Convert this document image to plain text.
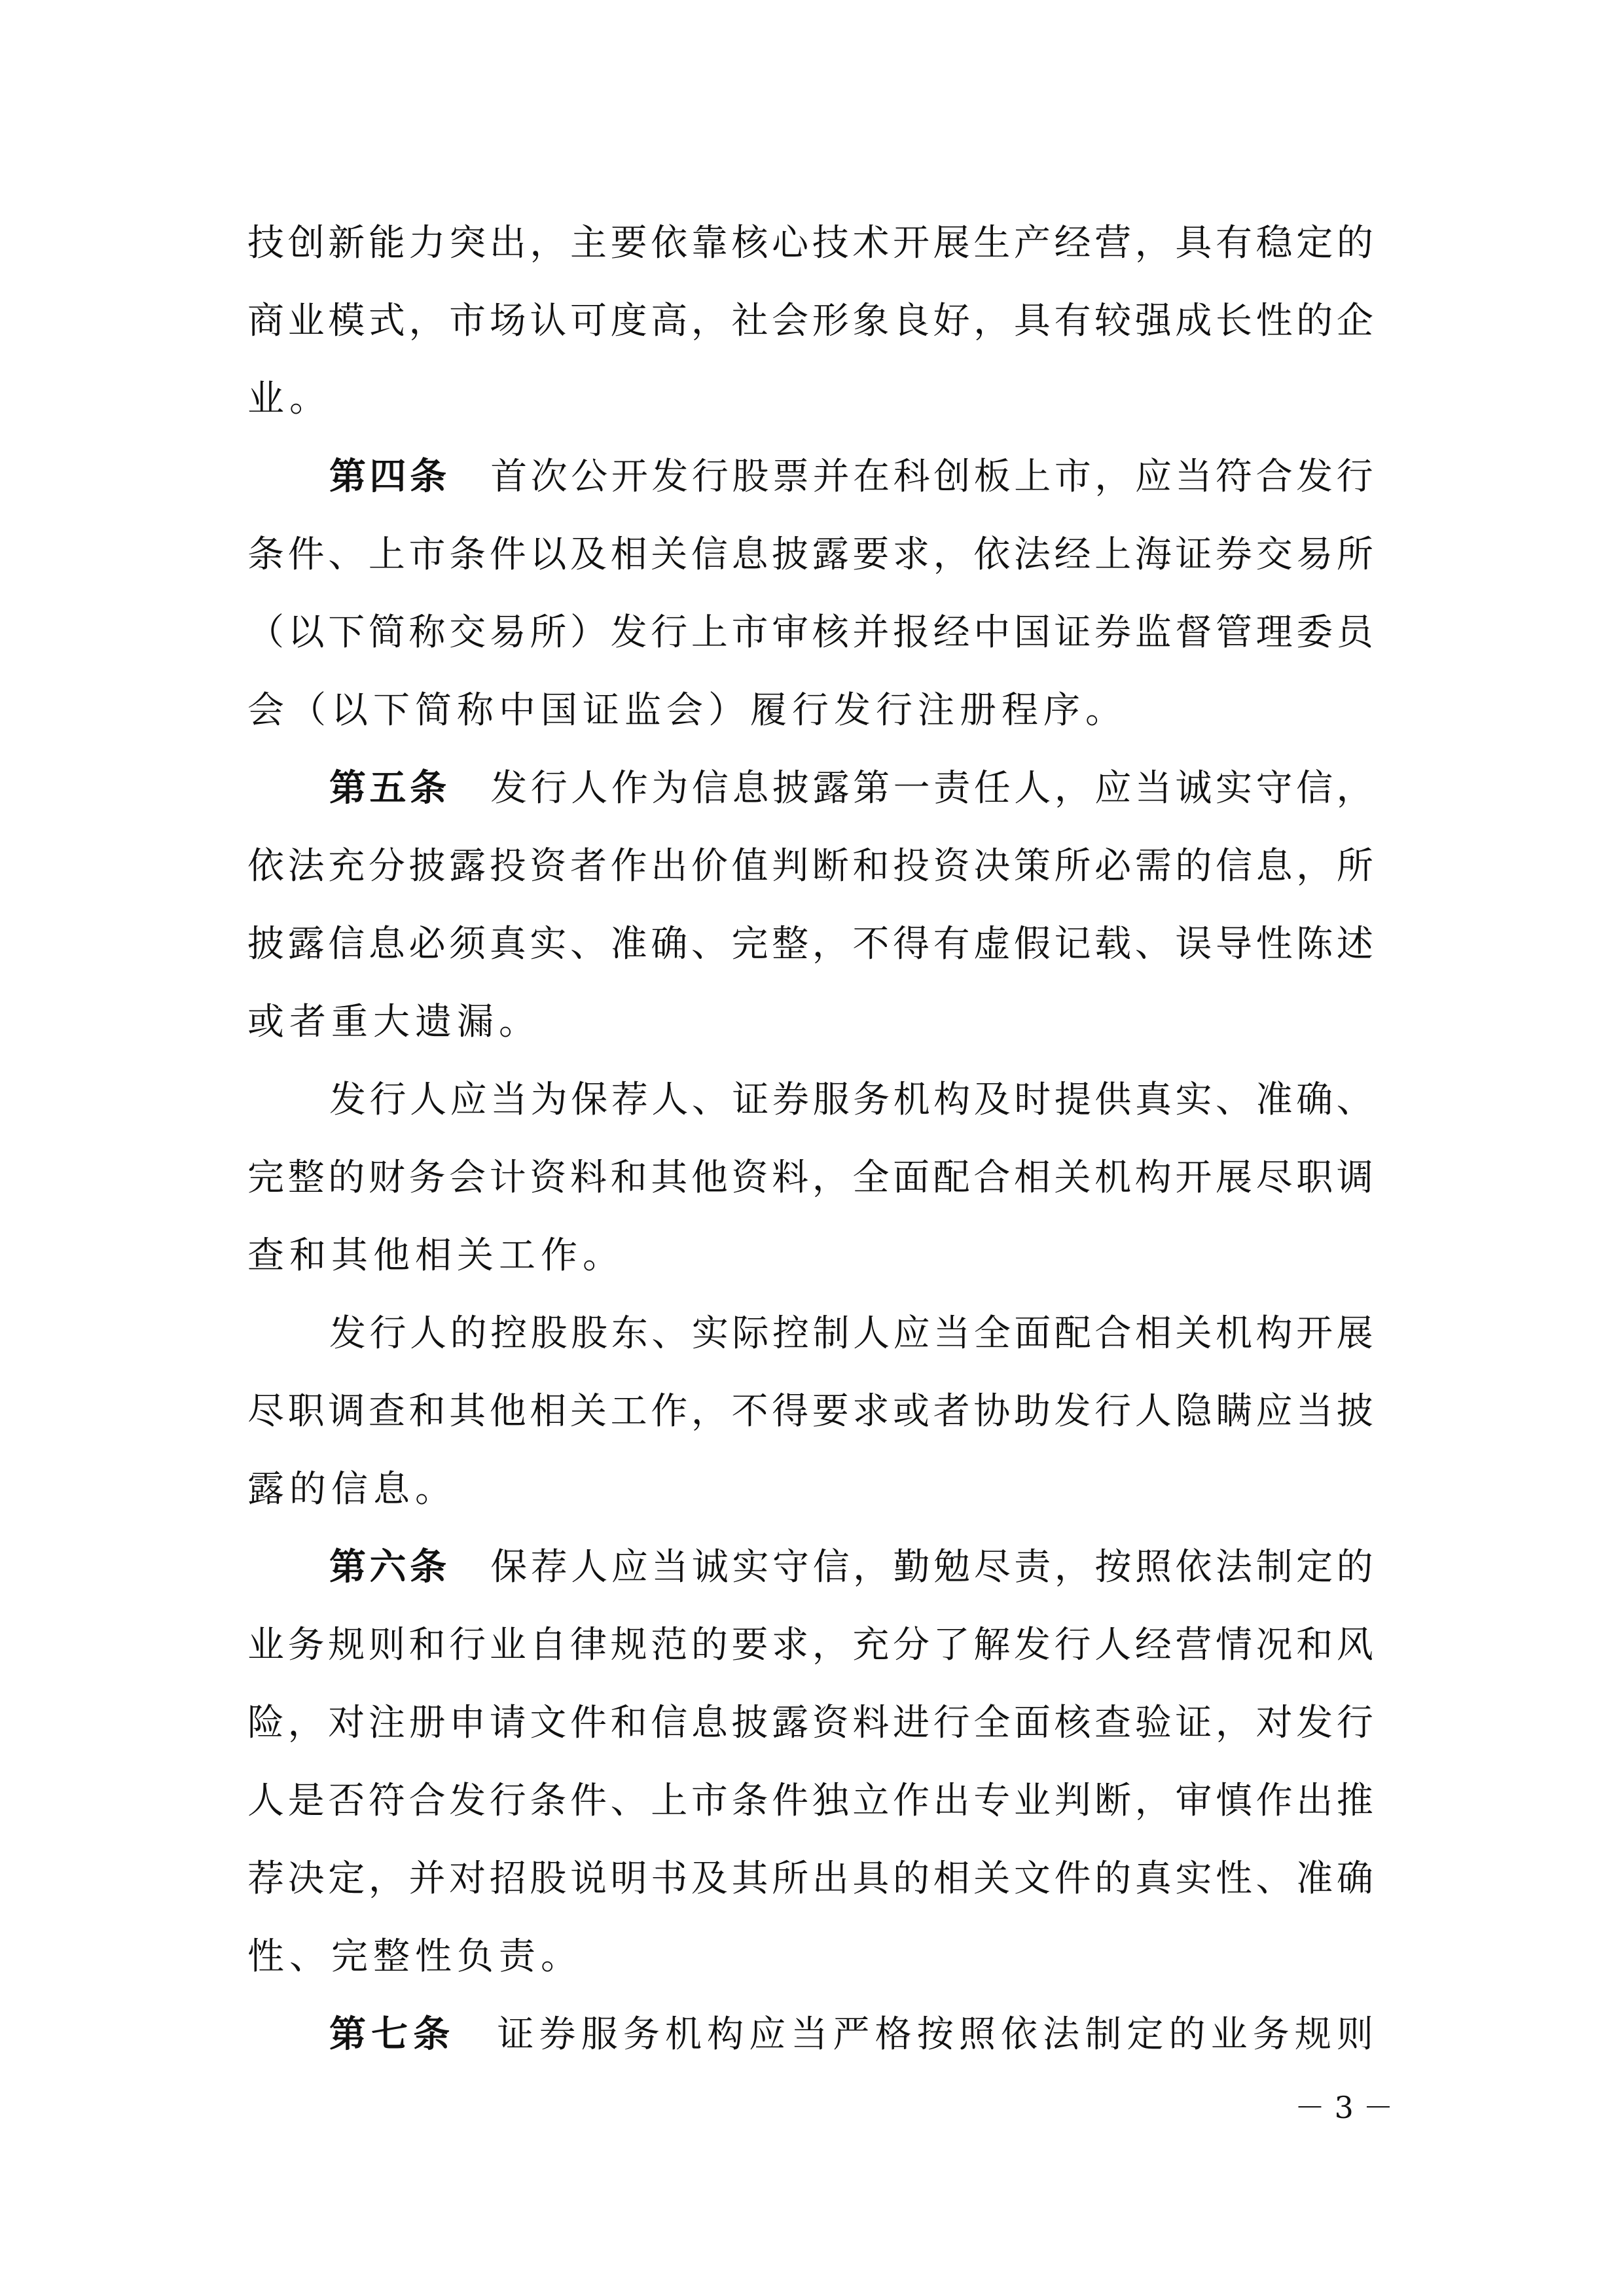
技 创 新 能 力 突 出 ， 主 要 依 靠 核 心 技 术 开 展 生 产 经 营 ， 具 有 稳 定 的
商 业 模 式 ， 市 场 认 可 度 高 ， 社 会 形 象 良 好 ， 具 有 较 强 成 长 性 的 企
业 。
第 四 条
　 首 次 公 开 发 行 股 票 并 在 科 创 板 上 市 ， 应 当 符 合 发 行
条 件 、 上 市 条 件 以 及 相 关 信 息 披 露 要 求 ， 依 法 经 上 海 证 券 交 易 所
（ 以 下 简 称 交 易 所 ） 发 行 上 市 审 核 并 报 经 中 国 证 券 监 督 管 理 委 员
会 （ 以 下 简 称 中 国 证 监 会 ） 履 行 发 行 注 册 程 序 。
第 五 条
　 发 行 人 作 为 信 息 披 露 第 一 责 任 人 ， 应 当 诚 实 守 信 ，
依 法 充 分 披 露 投 资 者 作 出 价 值 判 断 和 投 资 决 策 所 必 需 的 信 息 ， 所
披 露 信 息 必 须 真 实 、 准 确 、 完 整 ， 不 得 有 虚 假 记 载 、 误 导 性 陈 述
或 者 重 大 遗 漏 。
发 行 人 应 当 为 保 荐 人 、 证 券 服 务 机 构 及 时 提 供 真 实 、 准 确 、
完 整 的 财 务 会 计 资 料 和 其 他 资 料 ， 全 面 配 合 相 关 机 构 开 展 尽 职 调
查 和 其 他 相 关 工 作 。
发 行 人 的 控 股 股 东 、 实 际 控 制 人 应 当 全 面 配 合 相 关 机 构 开 展
尽 职 调 查 和 其 他 相 关 工 作 ， 不 得 要 求 或 者 协 助 发 行 人 隐 瞒 应 当 披
露 的 信 息 。
第 六 条
　 保 荐 人 应 当 诚 实 守 信 ， 勤 勉 尽 责 ， 按 照 依 法 制 定 的
业 务 规 则 和 行 业 自 律 规 范 的 要 求 ， 充 分 了 解 发 行 人 经 营 情 况 和 风
险 ， 对 注 册 申 请 文 件 和 信 息 披 露 资 料 进 行 全 面 核 查 验 证 ， 对 发 行
人 是 否 符 合 发 行 条 件 、 上 市 条 件 独 立 作 出 专 业 判 断 ， 审 慎 作 出 推
荐 决 定 ， 并 对 招 股 说 明 书 及 其 所 出 具 的 相 关 文 件 的 真 实 性 、 准 确
性 、 完 整 性 负 责 。
第 七 条
　 证 券 服 务 机 构 应 当 严 格 按 照 依 法 制 定 的 业 务 规 则
－ 3 －
